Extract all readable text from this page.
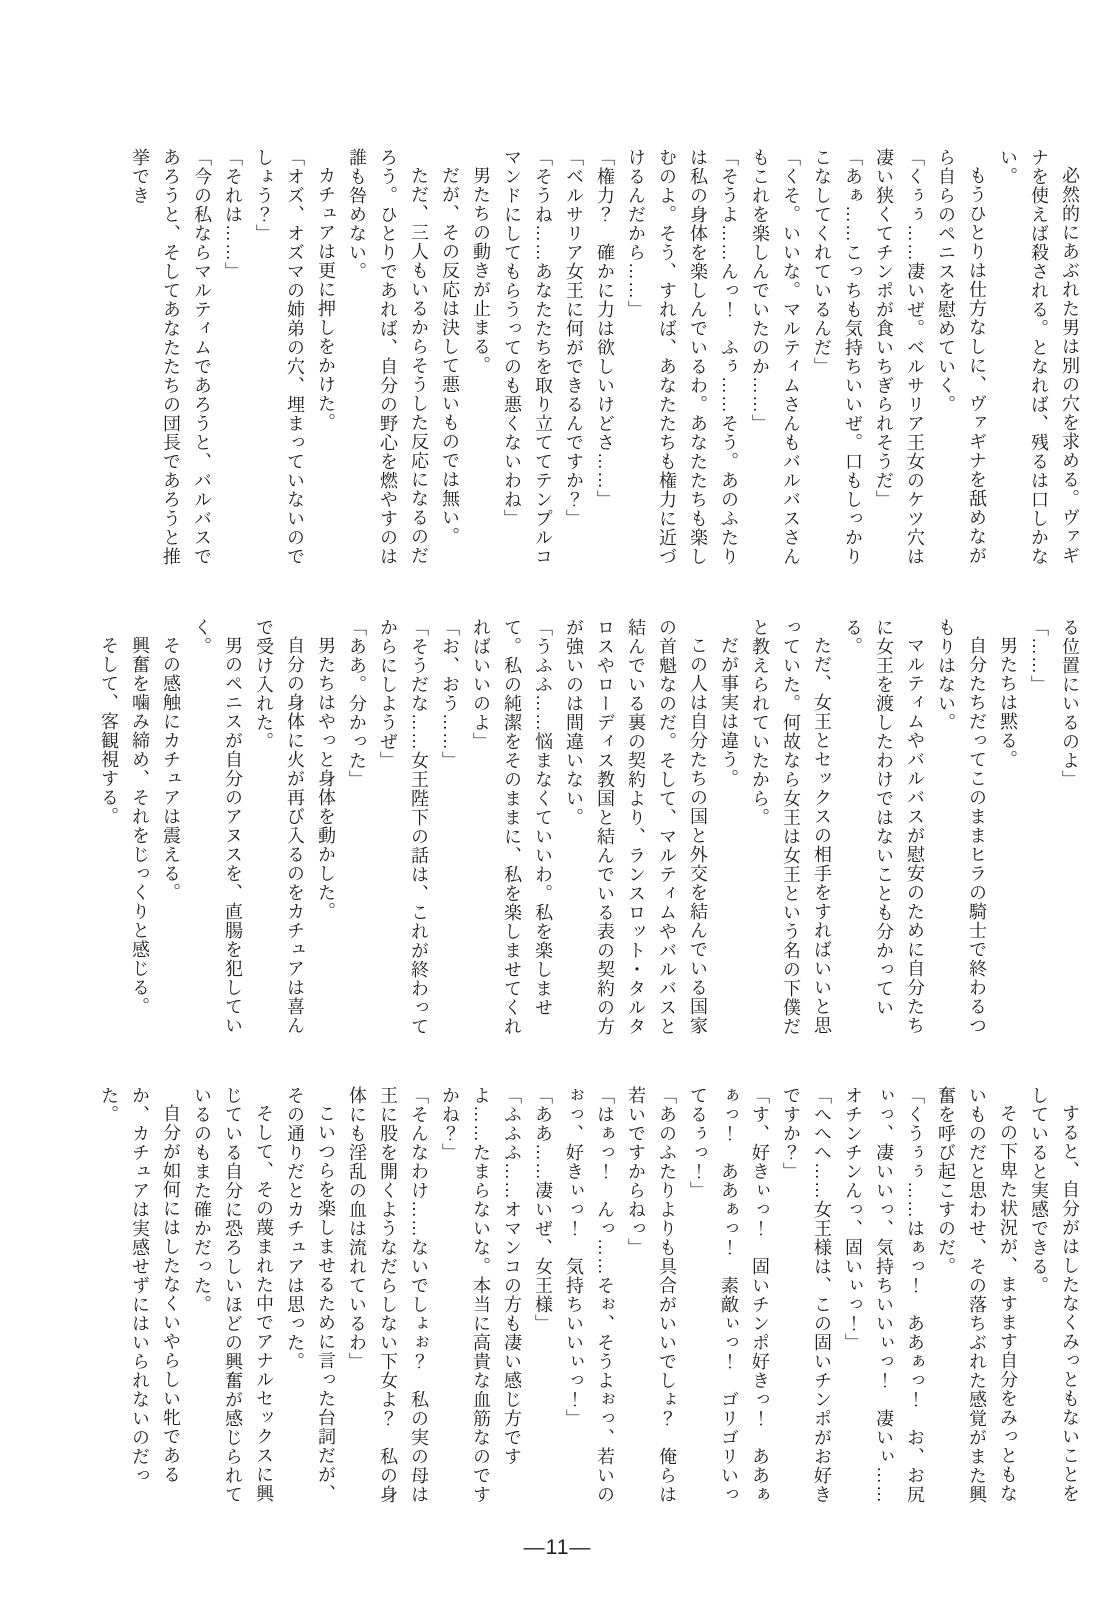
必然的にあぶれた男は別の穴を求める。ヴァギナを使えば殺される。となれば、残るは口しかない。

もうひとりは仕方なしに、ヴァギナを舐めながら自らのペニスを慰めていく。

「くぅぅ……凄いぜ。ベルサリア王女のケツ穴は凄い狭くてチンポが食いちぎられそうだ」

「あぁ……こっちも気持ちいいぜ。口もしっかりこなしてくれているんだ」

「くそ。いいな。マルティムさんもバルバスさんもこれを楽しんでいたのか……」

「そうよ……んっ！　ふぅ……そう。あのふたりは私の身体を楽しんでいるわ。あなたたちも楽しむのよ。そう、すれば、あなたたちも権力に近づけるんだから……」

「権力？　確かに力は欲しいけどさ……」

「ベルサリア女王に何ができるんですか？」

「そうね……あなたたちを取り立ててテンプルコマンドにしてもらうってのも悪くないわね」

男たちの動きが止まる。

だが、その反応は決して悪いものでは無い。

ただ、三人もいるからそうした反応になるのだろう。ひとりであれば、自分の野心を燃やすのは誰も咎めない。

カチュアは更に押しをかけた。

「オズ、オズマの姉弟の穴、埋まっていないのでしょう？」

「それは……」

「今の私ならマルティムであろうと、バルバスであろうと、そしてあなたたちの団長であろうと推挙でき

る位置にいるのよ」

「……」

男たちは黙る。

自分たちだってこのままヒラの騎士で終わるつもりはない。

マルティムやバルバスが慰安のために自分たちに女王を渡したわけではないことも分かっている。

ただ、女王とセックスの相手をすればいいと思っていた。何故なら女王は女王という名の下僕だと教えられていたから。

だが事実は違う。

この人は自分たちの国と外交を結んでいる国家の首魁なのだ。そして、マルティムやバルバスと結んでいる裏の契約より、ランスロット・タルタロスやローディス教国と結んでいる表の契約の方が強いのは間違いない。

「うふふ……悩まなくていいわ。私を楽しませて。私の純潔をそのままに、私を楽しませてくれればいいのよ」

「お、おう……」

「そうだな……女王陛下の話は、これが終わってからにしようぜ」

「ああ。分かった」

男たちはやっと身体を動かした。

自分の身体に火が再び入るのをカチュアは喜んで受け入れた。

男のペニスが自分のアヌスを、直腸を犯していく。

その感触にカチュアは震える。

興奮を噛み締め、それをじっくりと感じる。

そして、客観視する。

すると、自分がはしたなくみっともないことをしていると実感できる。

その下卑た状況が、ますます自分をみっともないものだと思わせ、その落ちぶれた感覚がまた興奮を呼び起こすのだ。

「くうぅぅ……はぁっ！　ああぁっ！　お、お尻ぃっ、凄いいっ、気持ちいいぃっ！　凄いぃ……オチンチンんっ、固いぃっ！」

「へへへ……女王様は、この固いチンポがお好きですか？」

「す、好きぃっ！　固いチンポ好きっ！　ああぁぁっ！　ああぁっ！　素敵ぃっ！　ゴリゴリいってるぅっ！」

「あのふたりよりも具合がいいでしょ？　俺らは若いですからねっ」

「はぁっ！　んっ……そぉ、そうよぉっ、若いのぉっ、好きぃっ！　気持ちいいぃっ！」

「ああ……凄いぜ、女王様」

「ふふふ……オマンコの方も凄い感じ方ですよ……たまらないな。本当に高貴な血筋なのですかね？」

「そんなわけ……ないでしょぉ？　私の実の母は王に股を開くようなだらしない下女よ？　私の身体にも淫乱の血は流れているわ」

こいつらを楽しませるために言った台詞だが、その通りだとカチュアは思った。

そして、その蔑まれた中でアナルセックスに興じている自分に恐ろしいほどの興奮が感じられているのもまた確かだった。

自分が如何にはしたなくいやらしい牝であるか、カチュアは実感せずにはいられないのだった。

—11—
